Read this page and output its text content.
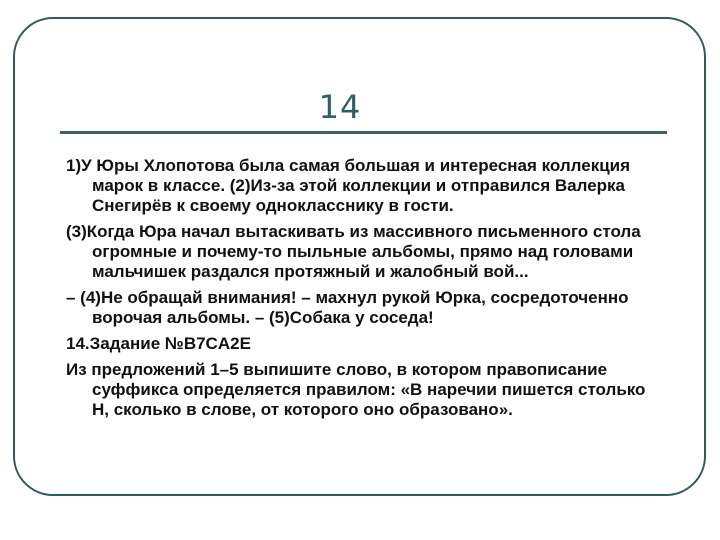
14

1)У Юры Хлопотова была самая большая и интересная коллекция марок в классе. (2)Из-за этой коллекции и отправился Валерка Снегирёв к своему однокласснику в гости.

(3)Когда Юра начал вытаскивать из массивного письменного стола огромные и почему-то пыльные альбомы, прямо над головами мальчишек раздался протяжный и жалобный вой...

– (4)Не обращай внимания! – махнул рукой Юрка, сосредоточенно ворочая альбомы. – (5)Собака у соседа!

14.Задание №B7CA2E

Из предложений 1–5 выпишите слово, в котором правописание суффикса определяется правилом: «В наречии пишется столько Н, сколько в слове, от которого оно образовано».
